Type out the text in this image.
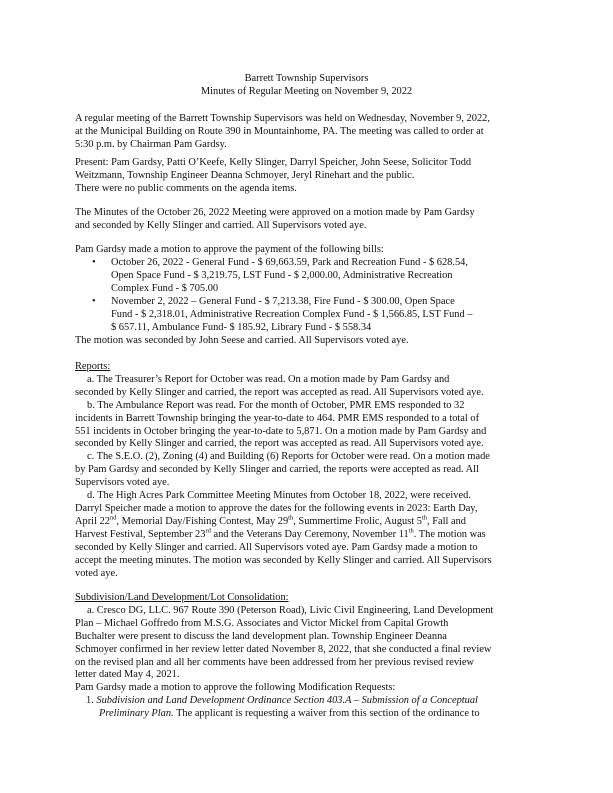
Barrett Township Supervisors
Minutes of Regular Meeting on November 9, 2022
A regular meeting of the Barrett Township Supervisors was held on Wednesday, November 9, 2022,
at the Municipal Building on Route 390 in Mountainhome, PA. The meeting was called to order at
5:30 p.m. by Chairman Pam Gardsy.
Present: Pam Gardsy, Patti O’Keefe, Kelly Slinger, Darryl Speicher, John Seese, Solicitor Todd
Weitzmann, Township Engineer Deanna Schmoyer, Jeryl Rinehart and the public.
There were no public comments on the agenda items.
The Minutes of the October 26, 2022 Meeting were approved on a motion made by Pam Gardsy
and seconded by Kelly Slinger and carried. All Supervisors voted aye.
Pam Gardsy made a motion to approve the payment of the following bills:
• October 26, 2022 - General Fund - $ 69,663.59, Park and Recreation Fund - $ 628.54,
Open Space Fund - $ 3,219.75, LST Fund - $ 2,000.00, Administrative Recreation
Complex Fund - $ 705.00
• November 2, 2022 – General Fund - $ 7,213.38, Fire Fund - $ 300.00, Open Space
Fund - $ 2,318.01, Administrative Recreation Complex Fund - $ 1,566.85, LST Fund –
$ 657.11, Ambulance Fund- $ 185.92, Library Fund - $ 558.34
The motion was seconded by John Seese and carried. All Supervisors voted aye.
Reports:
a. The Treasurer’s Report for October was read. On a motion made by Pam Gardsy and
seconded by Kelly Slinger and carried, the report was accepted as read. All Supervisors voted aye.
b. The Ambulance Report was read. For the month of October, PMR EMS responded to 32
incidents in Barrett Township bringing the year-to-date to 464. PMR EMS responded to a total of
551 incidents in October bringing the year-to-date to 5,871. On a motion made by Pam Gardsy and
seconded by Kelly Slinger and carried, the report was accepted as read. All Supervisors voted aye.
c. The S.E.O. (2), Zoning (4) and Building (6) Reports for October were read. On a motion made
by Pam Gardsy and seconded by Kelly Slinger and carried, the reports were accepted as read. All
Supervisors voted aye.
d. The High Acres Park Committee Meeting Minutes from October 18, 2022, were received.
Darryl Speicher made a motion to approve the dates for the following events in 2023: Earth Day,
April 22nd, Memorial Day/Fishing Contest, May 29th, Summertime Frolic, August 5th, Fall and
Harvest Festival, September 23rd and the Veterans Day Ceremony, November 11th. The motion was
seconded by Kelly Slinger and carried. All Supervisors voted aye. Pam Gardsy made a motion to
accept the meeting minutes. The motion was seconded by Kelly Slinger and carried. All Supervisors
voted aye.
Subdivision/Land Development/Lot Consolidation:
a. Cresco DG, LLC. 967 Route 390 (Peterson Road), Livic Civil Engineering, Land Development
Plan – Michael Goffredo from M.S.G. Associates and Victor Mickel from Capital Growth
Buchalter were present to discuss the land development plan. Township Engineer Deanna
Schmoyer confirmed in her review letter dated November 8, 2022, that she conducted a final review
on the revised plan and all her comments have been addressed from her previous revised review
letter dated May 4, 2021.
Pam Gardsy made a motion to approve the following Modification Requests:
1. Subdivision and Land Development Ordinance Section 403.A – Submission of a Conceptual
Preliminary Plan. The applicant is requesting a waiver from this section of the ordinance to
